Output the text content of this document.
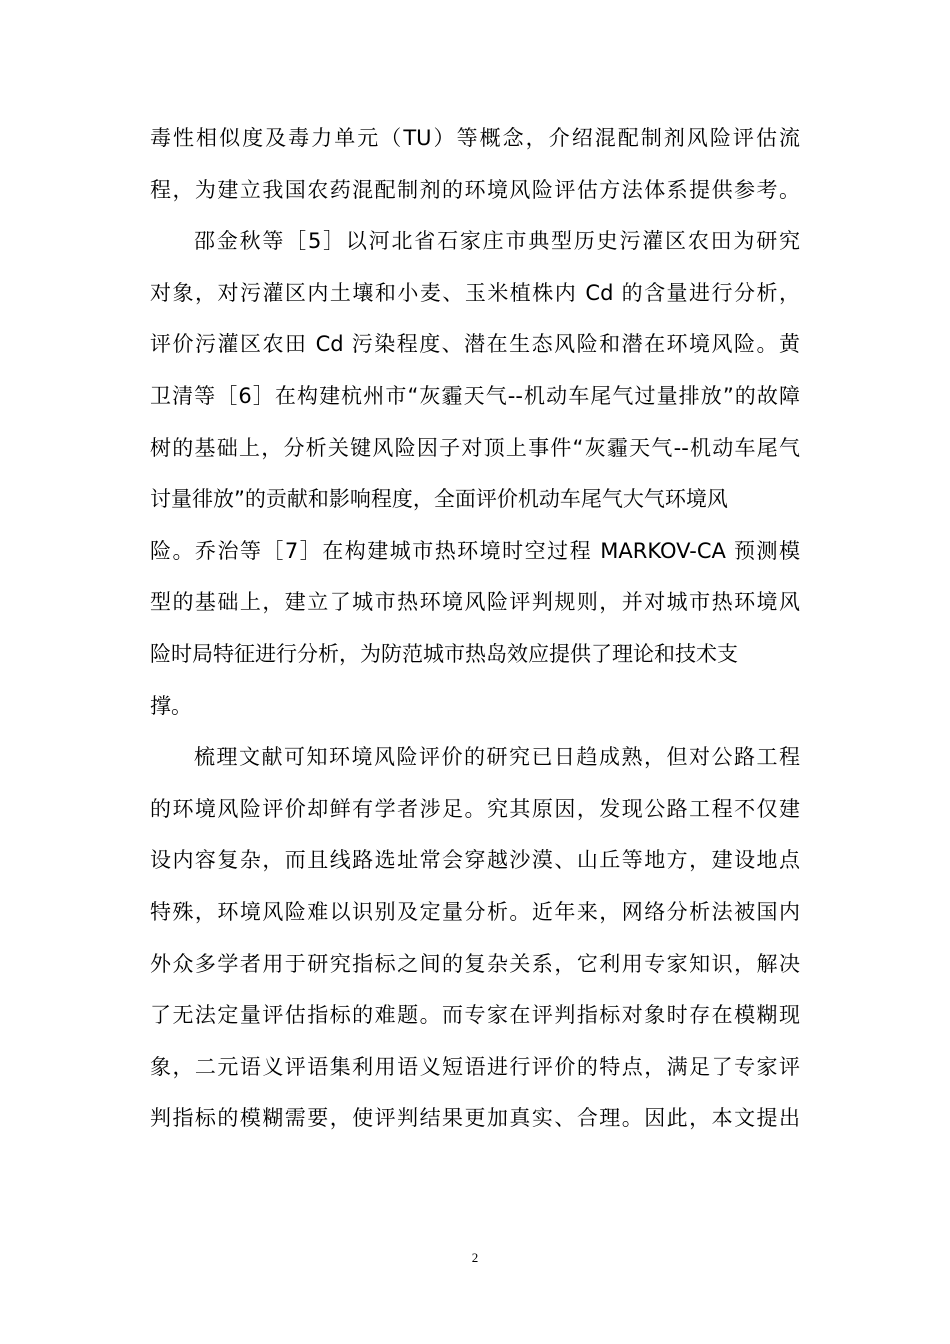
毒性相似度及毒力单元（TU）等概念，介绍混配制剂风险评估流
程，为建立我国农药混配制剂的环境风险评估方法体系提供参考。
邵金秋等［5］以河北省石家庄市典型历史污灌区农田为研究
对象，对污灌区内土壤和小麦、玉米植株内 Cd 的含量进行分析，
评价污灌区农田 Cd 污染程度、潜在生态风险和潜在环境风险。黄
卫清等［6］在构建杭州市“灰霾天气--机动车尾气过量排放”的故障
树的基础上，分析关键风险因子对顶上事件“灰霾天气--机动车尾气
讨量徘放”的贡献和影响程度，全面评价机动车尾气大气环境风
险。乔治等［7］在构建城市热环境时空过程 MARKOV-CA 预测模
型的基础上，建立了城市热环境风险评判规则，并对城市热环境风
险时局特征进行分析，为防范城市热岛效应提供了理论和技术支
撑。
梳理文献可知环境风险评价的研究已日趋成熟，但对公路工程
的环境风险评价却鲜有学者涉足。究其原因，发现公路工程不仅建
设内容复杂，而且线路选址常会穿越沙漠、山丘等地方，建设地点
特殊，环境风险难以识别及定量分析。近年来，网络分析法被国内
外众多学者用于研究指标之间的复杂关系，它利用专家知识，解决
了无法定量评估指标的难题。而专家在评判指标对象时存在模糊现
象，二元语义评语集利用语义短语进行评价的特点，满足了专家评
判指标的模糊需要，使评判结果更加真实、合理。因此，本文提出
2
